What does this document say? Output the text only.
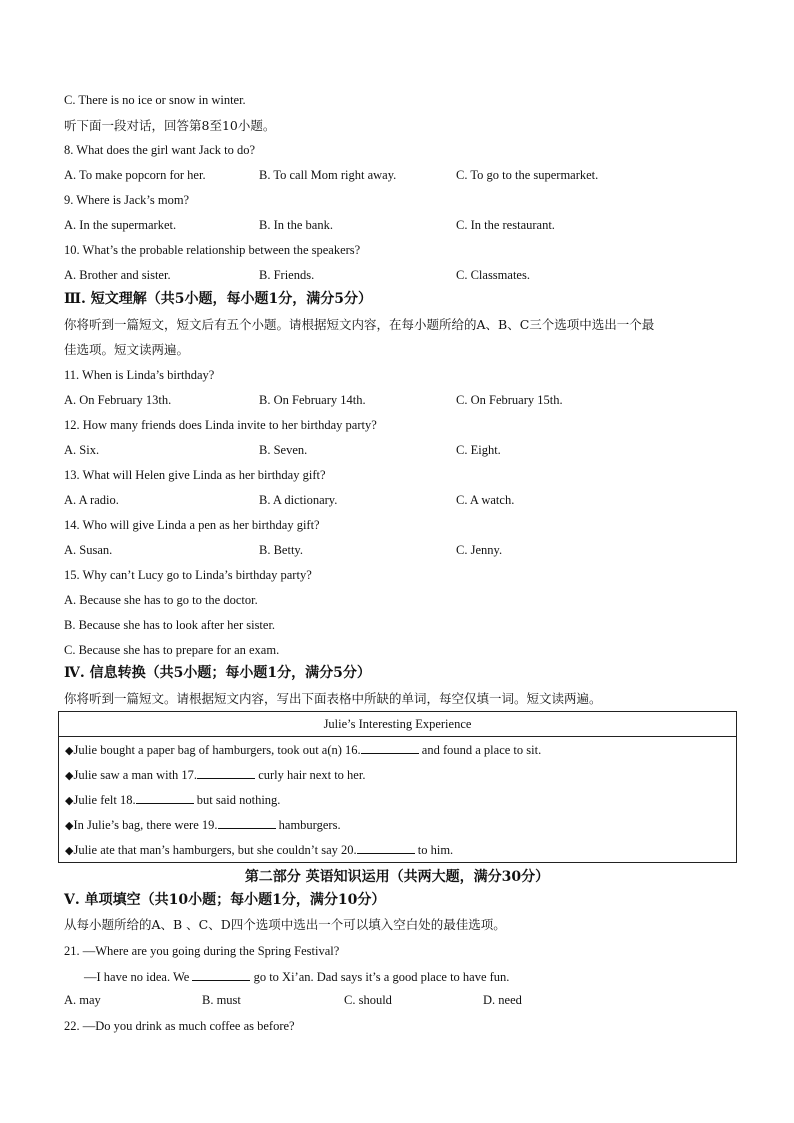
C. There is no ice or snow in winter.
听下面一段对话，回答第8至10小题。
8. What does the girl want Jack to do?
A. To make popcorn for her.	B. To call Mom right away.	C. To go to the supermarket.
9. Where is Jack’s mom?
A. In the supermarket.	B. In the bank.	C. In the restaurant.
10. What’s the probable relationship between the speakers?
A. Brother and sister.	B. Friends.	C. Classmates.
Ⅲ. 短文理解（共5小题，每小题1分，满分5分）
你将听到一篇短文，短文后有五个小题。请根据短文内容，在每小题所给的A、B、C三个选项中选出一个最
佳选项。短文读两遍。
11. When is Linda’s birthday?
A. On February 13th.	B. On February 14th.	C. On February 15th.
12. How many friends does Linda invite to her birthday party?
A. Six.	B. Seven.	C. Eight.
13. What will Helen give Linda as her birthday gift?
A. A radio.	B. A dictionary.	C. A watch.
14. Who will give Linda a pen as her birthday gift?
A. Susan.	B. Betty.	C. Jenny.
15. Why can’t Lucy go to Linda’s birthday party?
A. Because she has to go to the doctor.
B. Because she has to look after her sister.
C. Because she has to prepare for an exam.
Ⅳ. 信息转换（共5小题；每小题1分，满分5分）
你将听到一篇短文。请根据短文内容，写出下面表格中所缺的单词，每空仅填一词。短文读两遍。
Julie’s Interesting Experience
◆Julie bought a paper bag of hamburgers, took out a(n) 16.	and found a place to sit.
◆Julie saw a man with 17.	curly hair next to her.
◆Julie felt 18.	but said nothing.
◆In Julie’s bag, there were 19.	hamburgers.
◆Julie ate that man’s hamburgers, but she couldn’t say 20.	to him.
第二部分 英语知识运用（共两大题，满分30分）
Ⅴ. 单项填空（共10小题；每小题1分，满分10分）
从每小题所给的A、B 、C、D四个选项中选出一个可以填入空白处的最佳选项。
21. —Where are you going during the Spring Festival?
—I have no idea. We	go to Xi’an. Dad says it’s a good place to have fun.
A. may	B. must	C. should	D. need
22. —Do you drink as much coffee as before?
